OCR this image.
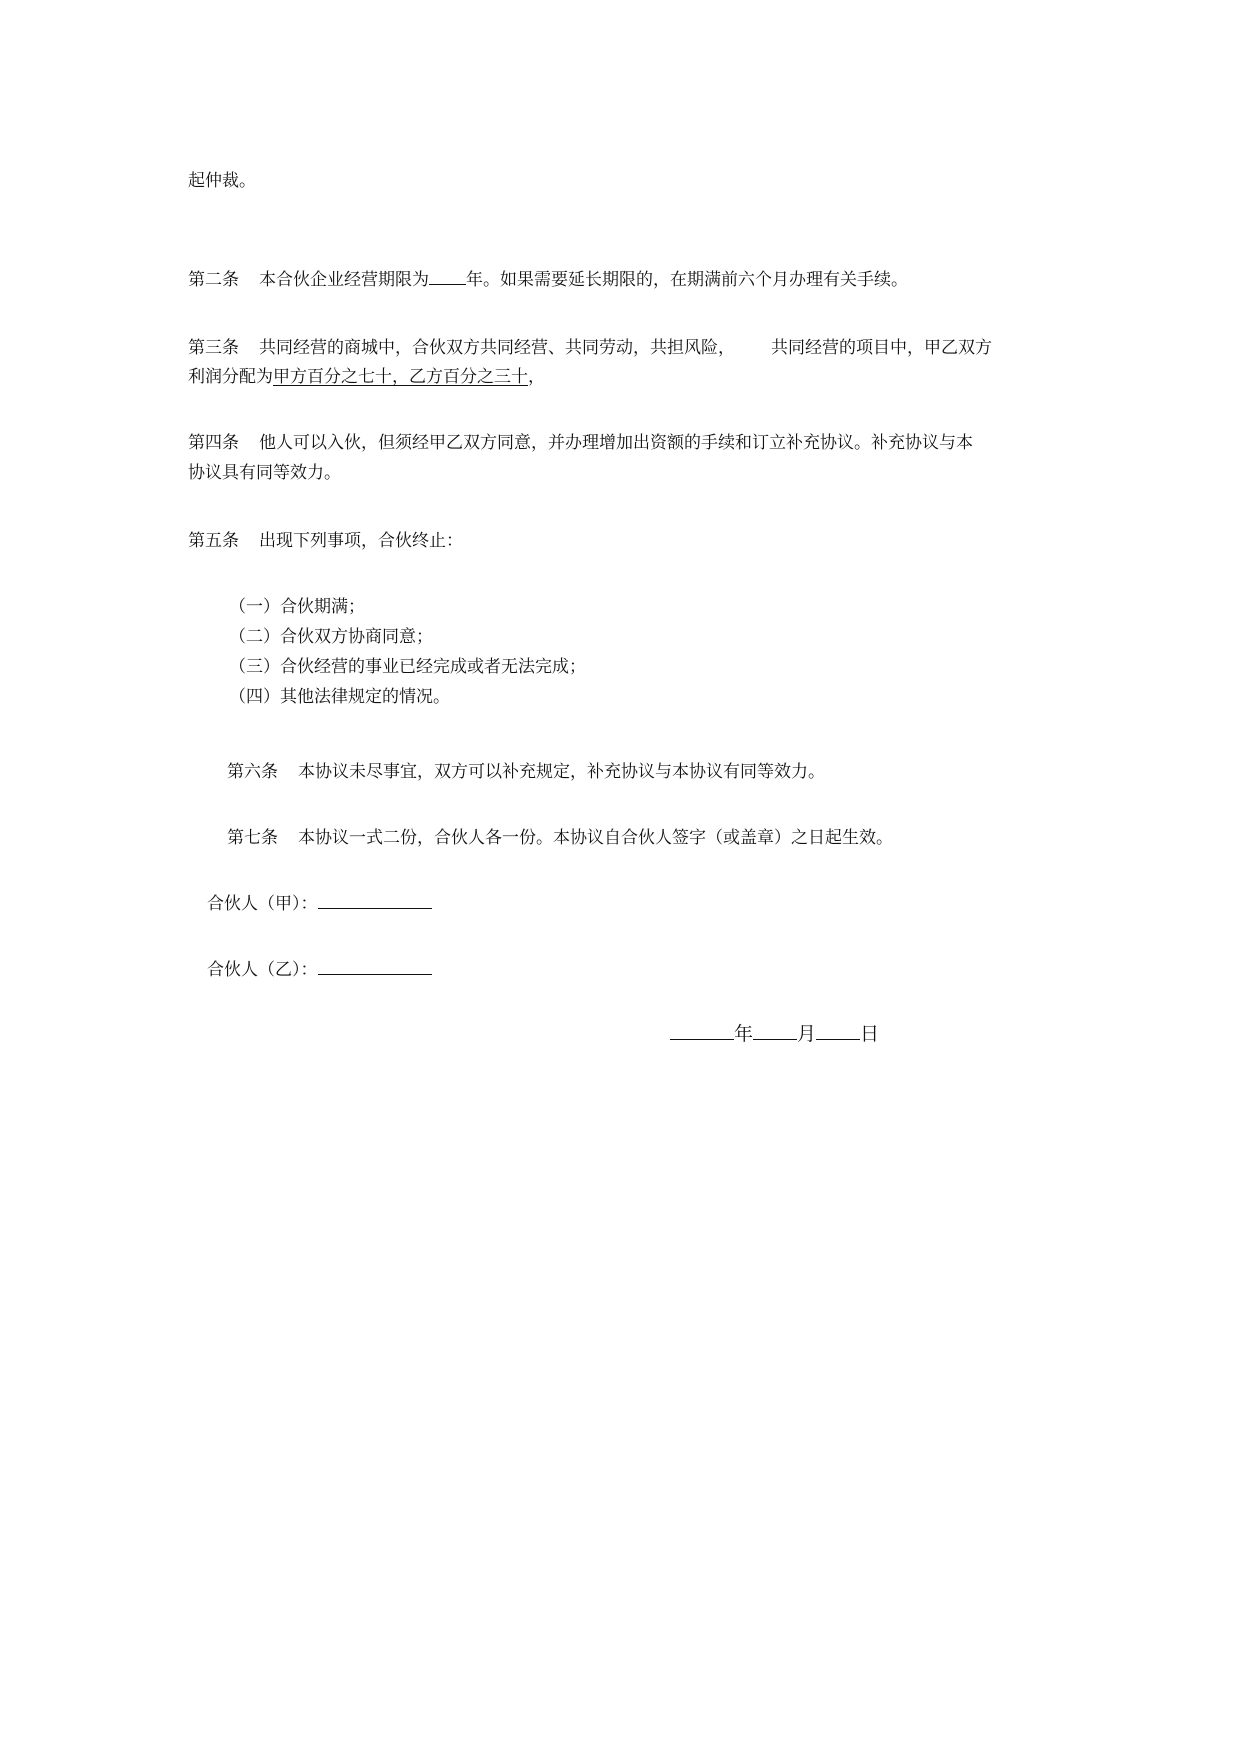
起仲裁。
第二条 本合伙企业经营期限为 年。如果需要延长期限的，在期满前六个月办理有关手续。
第三条 共同经营的商城中，合伙双方共同经营、共同劳动，共担风险， 共同经营的项目中，甲乙双方
利润分配为甲方百分之七十，乙方百分之三十，
第四条 他人可以入伙，但须经甲乙双方同意，并办理增加出资额的手续和订立补充协议。补充协议与本
协议具有同等效力。
第五条 出现下列事项，合伙终止：
（一）合伙期满；
（二）合伙双方协商同意；
（三）合伙经营的事业已经完成或者无法完成；
（四）其他法律规定的情况。
第六条 本协议未尽事宜，双方可以补充规定，补充协议与本协议有同等效力。
第七条 本协议一式二份，合伙人各一份。本协议自合伙人签字（或盖章）之日起生效。
合伙人（甲）：
合伙人（乙）：
年 月 日
